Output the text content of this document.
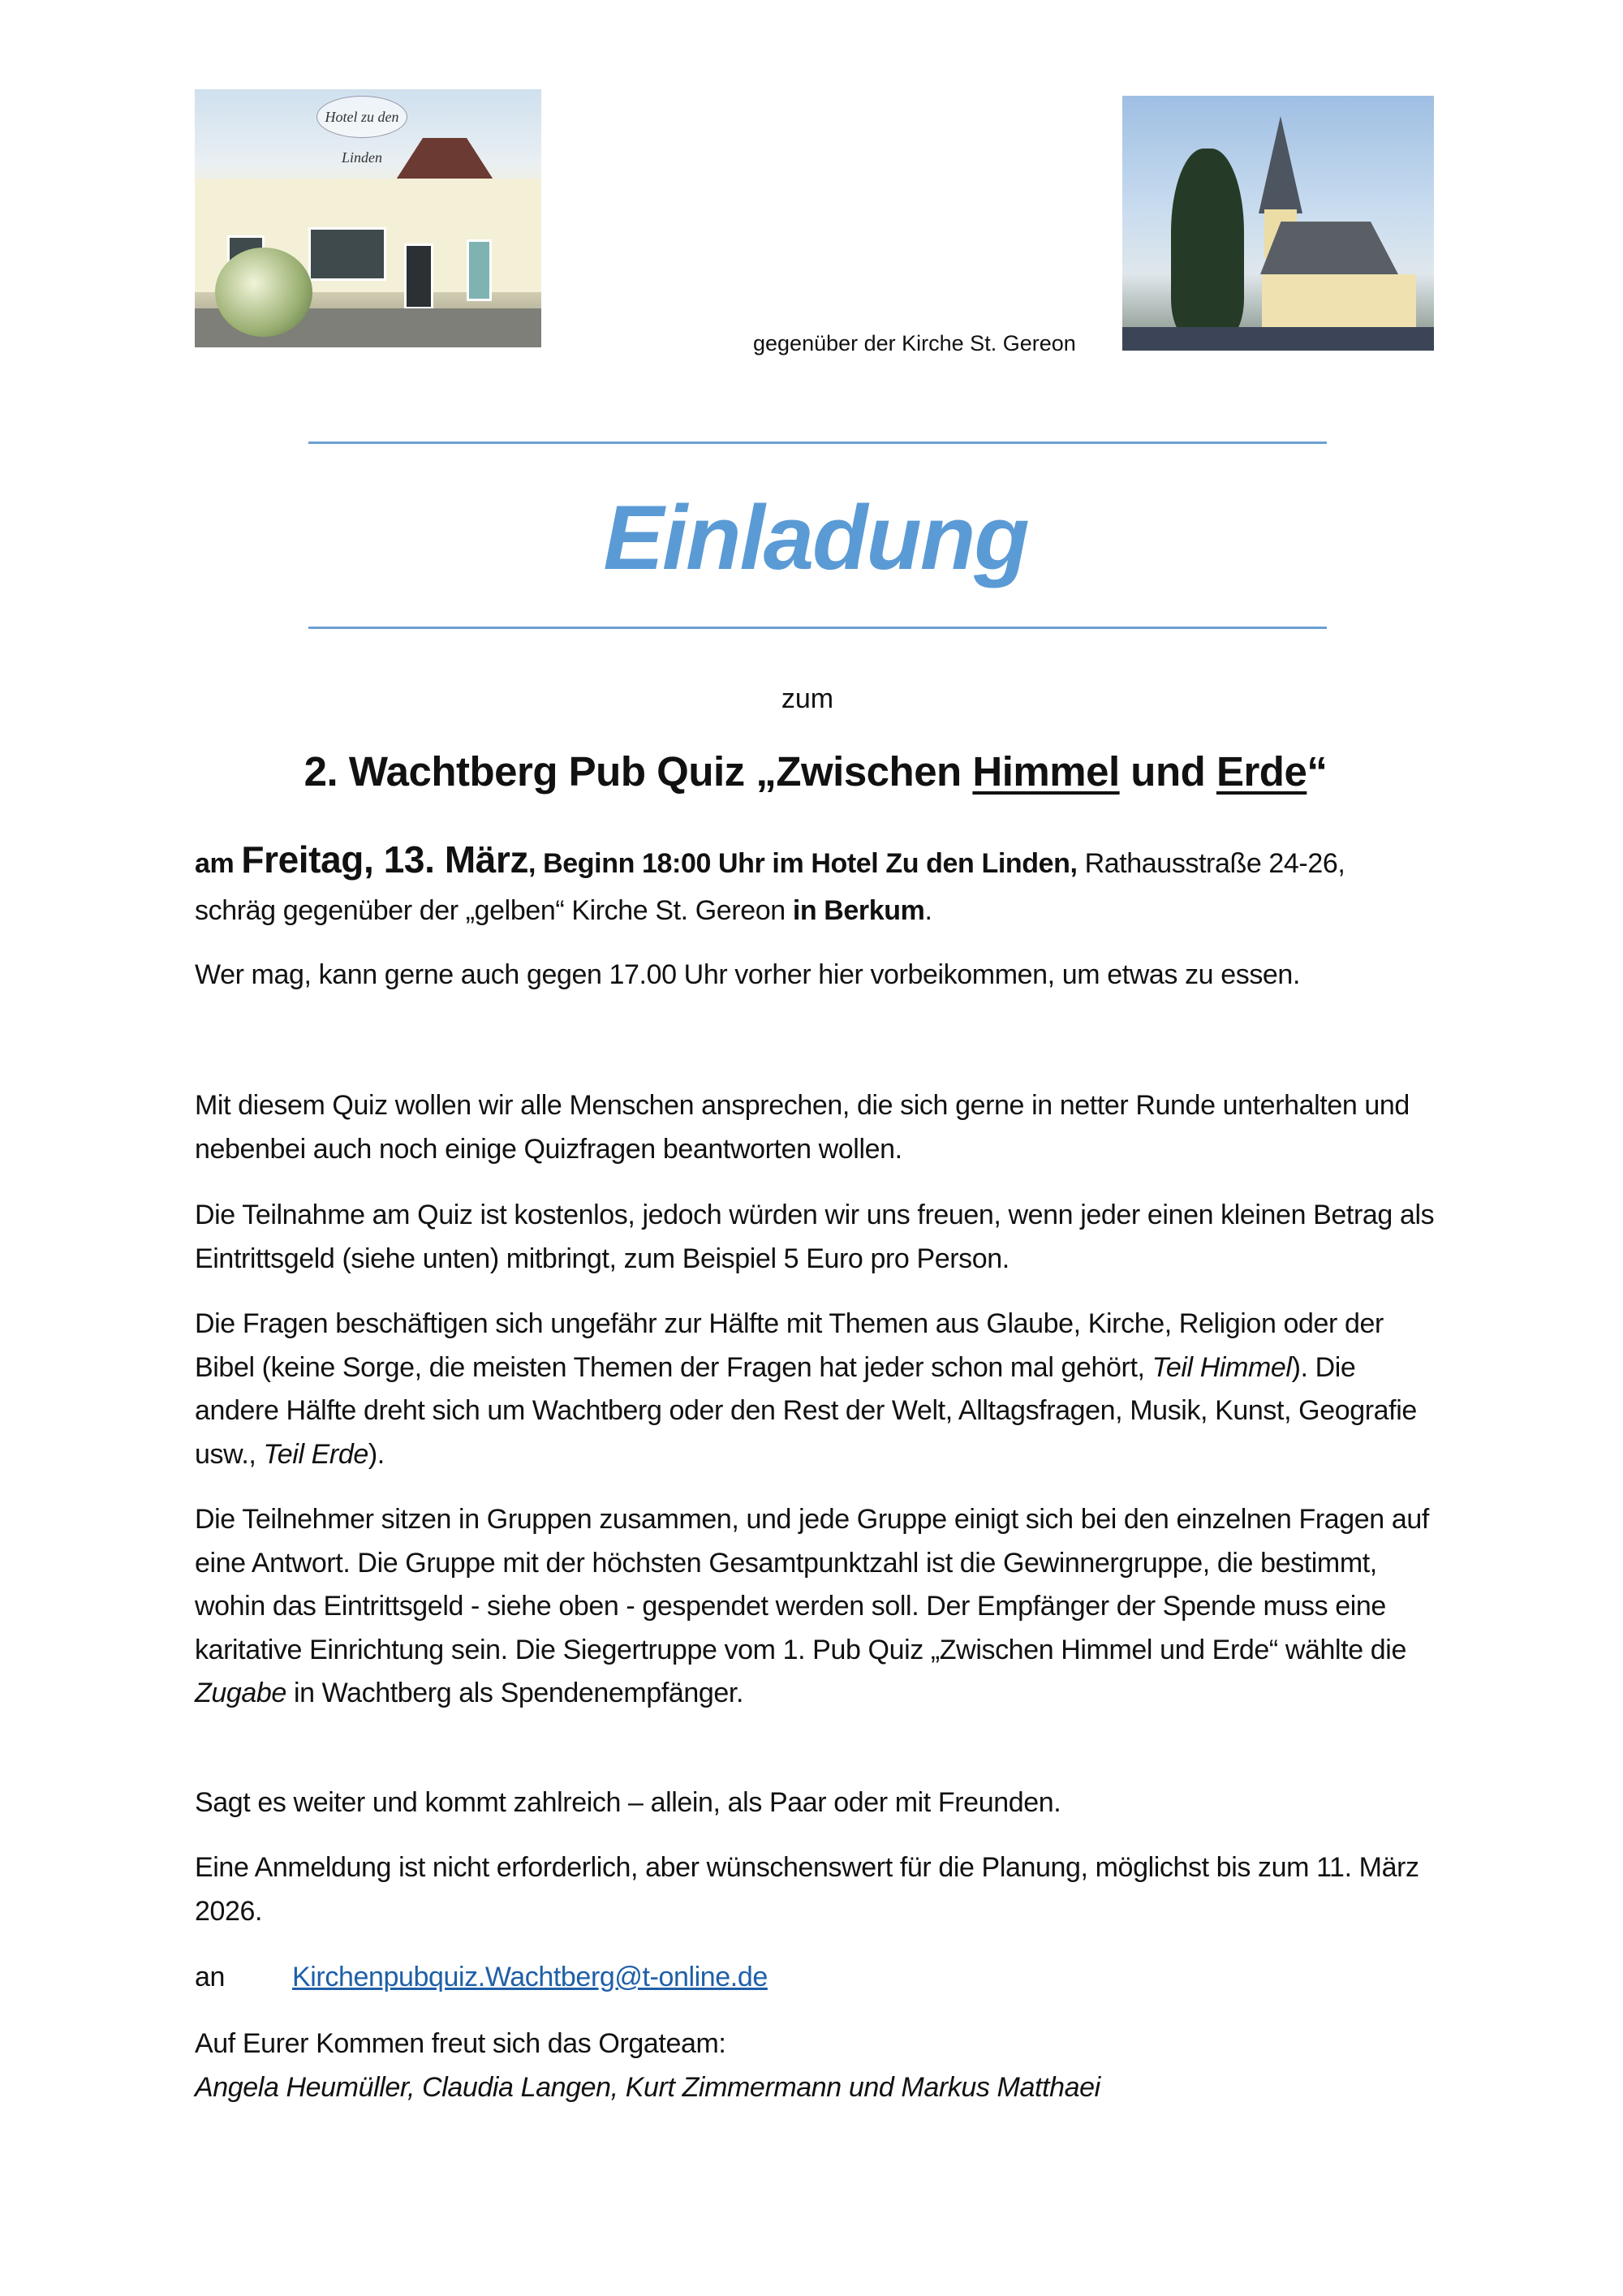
Hotel zu den Linden
gegenüber der Kirche St. Gereon
Einladung
zum
2. Wachtberg Pub Quiz „Zwischen Himmel und Erde“

am Freitag, 13. März, Beginn 18:00 Uhr im Hotel Zu den Linden, Rathausstraße 24-26,

schräg gegenüber der „gelben“ Kirche St. Gereon in Berkum.

Wer mag, kann gerne auch gegen 17.00 Uhr vorher hier vorbeikommen, um etwas zu essen.

Mit diesem Quiz wollen wir alle Menschen ansprechen, die sich gerne in netter Runde unterhalten und nebenbei auch noch einige Quizfragen beantworten wollen.

Die Teilnahme am Quiz ist kostenlos, jedoch würden wir uns freuen, wenn jeder einen kleinen Betrag als Eintrittsgeld (siehe unten) mitbringt, zum Beispiel 5 Euro pro Person.

Die Fragen beschäftigen sich ungefähr zur Hälfte mit Themen aus Glaube, Kirche, Religion oder der Bibel (keine Sorge, die meisten Themen der Fragen hat jeder schon mal gehört, Teil Himmel). Die andere Hälfte dreht sich um Wachtberg oder den Rest der Welt, Alltagsfragen, Musik, Kunst, Geografie usw., Teil Erde).

Die Teilnehmer sitzen in Gruppen zusammen, und jede Gruppe einigt sich bei den einzelnen Fragen auf eine Antwort. Die Gruppe mit der höchsten Gesamtpunktzahl ist die Gewinnergruppe, die bestimmt, wohin das Eintrittsgeld - siehe oben - gespendet werden soll. Der Empfänger der Spende muss eine karitative Einrichtung sein. Die Siegertruppe vom 1. Pub Quiz „Zwischen Himmel und Erde“ wählte die Zugabe in Wachtberg als Spendenempfänger.

Sagt es weiter und kommt zahlreich – allein, als Paar oder mit Freunden.

Eine Anmeldung ist nicht erforderlich, aber wünschenswert für die Planung, möglichst bis zum 11. März 2026.

an Kirchenpubquiz.Wachtberg@t-online.de

Auf Eurer Kommen freut sich das Orgateam:

Angela Heumüller, Claudia Langen, Kurt Zimmermann und Markus Matthaei
